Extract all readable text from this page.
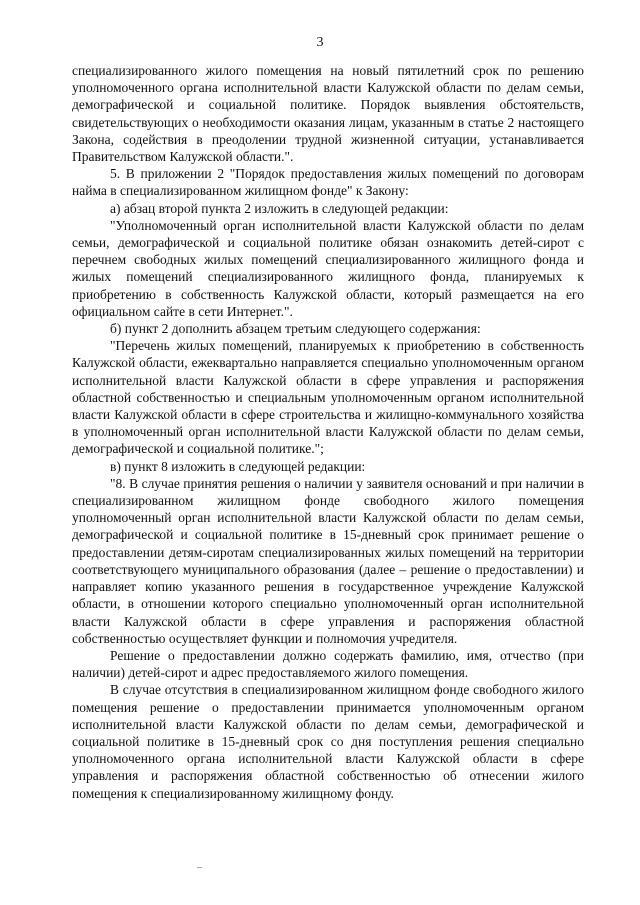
3

специализированного жилого помещения на новый пятилетний срок по решению уполномоченного органа исполнительной власти Калужской области по делам семьи, демографической и социальной политике. Порядок выявления обстоятельств, свидетельствующих о необходимости оказания лицам, указанным в статье 2 настоящего Закона, содействия в преодолении трудной жизненной ситуации, устанавливается Правительством Калужской области.".

5. В приложении 2 "Порядок предоставления жилых помещений по договорам найма в специализированном жилищном фонде" к Закону:

а) абзац второй пункта 2 изложить в следующей редакции:

"Уполномоченный орган исполнительной власти Калужской области по делам семьи, демографической и социальной политике обязан ознакомить детей-сирот с перечнем свободных жилых помещений специализированного жилищного фонда и жилых помещений специализированного жилищного фонда, планируемых к приобретению в собственность Калужской области, который размещается на его официальном сайте в сети Интернет.".

б) пункт 2 дополнить абзацем третьим следующего содержания:

"Перечень жилых помещений, планируемых к приобретению в собственность Калужской области, ежеквартально направляется специально уполномоченным органом исполнительной власти Калужской области в сфере управления и распоряжения областной собственностью и специальным уполномоченным органом исполнительной власти Калужской области в сфере строительства и жилищно-коммунального хозяйства в уполномоченный орган исполнительной власти Калужской области по делам семьи, демографической и социальной политике.";

в) пункт 8 изложить в следующей редакции:

"8. В случае принятия решения о наличии у заявителя оснований и при наличии в специализированном жилищном фонде свободного жилого помещения уполномоченный орган исполнительной власти Калужской области по делам семьи, демографической и социальной политике в 15-дневный срок принимает решение о предоставлении детям-сиротам специализированных жилых помещений на территории соответствующего муниципального образования (далее – решение о предоставлении) и направляет копию указанного решения в государственное учреждение Калужской области, в отношении которого специально уполномоченный орган исполнительной власти Калужской области в сфере управления и распоряжения областной собственностью осуществляет функции и полномочия учредителя.

Решение о предоставлении должно содержать фамилию, имя, отчество (при наличии) детей-сирот и адрес предоставляемого жилого помещения.

В случае отсутствия в специализированном жилищном фонде свободного жилого помещения решение о предоставлении принимается уполномоченным органом исполнительной власти Калужской области по делам семьи, демографической и социальной политике в 15-дневный срок со дня поступления решения специально уполномоченного органа исполнительной власти Калужской области в сфере управления и распоряжения областной собственностью об отнесении жилого помещения к специализированному жилищному фонду.

–
